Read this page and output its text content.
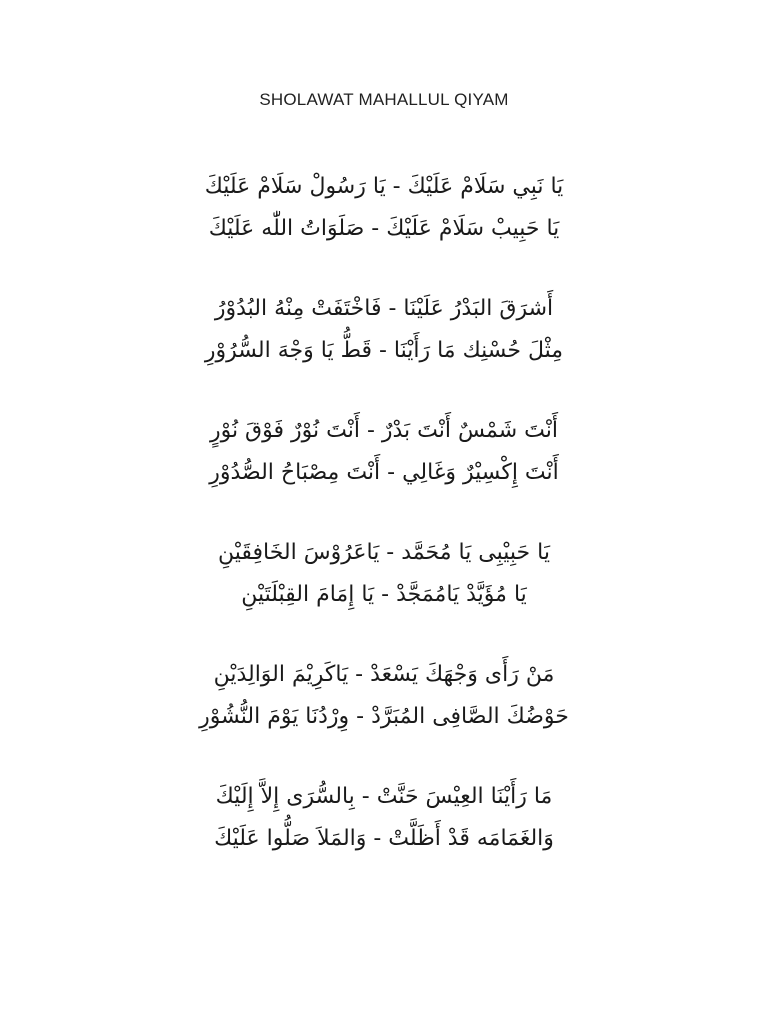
SHOLAWAT MAHALLUL QIYAM
يَا نَبِي سَلَامْ عَلَيْكَ - يَا رَسُولْ سَلَامْ عَلَيْكَ
يَا حَبِيبْ سَلَامْ عَلَيْكَ - صَلَوَاتُ اللّٰه عَلَيْكَ
أَشرَقَ البَدْرُ عَلَيْنَا - فَاخْتَفَتْ مِنْهُ البُدُوْرُ
مِثْلَ حُسْنِك مَا رَأَيْنَا - قَطُّ يَا وَجْهَ السُّرُوْرِ
أَنْتَ شَمْسٌ أَنْتَ بَدْرٌ - أَنْتَ نُوْرٌ فَوْقَ نُوْرٍ
أَنْتَ إِكْسِيْرٌ وَغَالِي - أَنْتَ مِصْبَاحُ الصُّدُوْرِ
يَا حَبِيْبِى يَا مُحَمَّد - يَاعَرُوْسَ الخَافِقَيْنِ
يَا مُؤَيَّدْ يَامُمَجَّدْ - يَا إِمَامَ القِبْلَتَيْنِ
مَنْ رَأَى وَجْهَكَ يَسْعَدْ - يَاكَرِيْمَ الوَالِدَيْنِ
حَوْضُكَ الصَّافِى المُبَرَّدْ - وِرْدُنَا يَوْمَ النُّشُوْرِ
مَا رَأَيْنَا العِيْسَ حَنَّتْ - بِالسُّرَى إِلاَّ إِلَيْكَ
وَالغَمَامَه قَدْ أَظَلَّتْ - وَالمَلاَ صَلُّوا عَلَيْكَ
